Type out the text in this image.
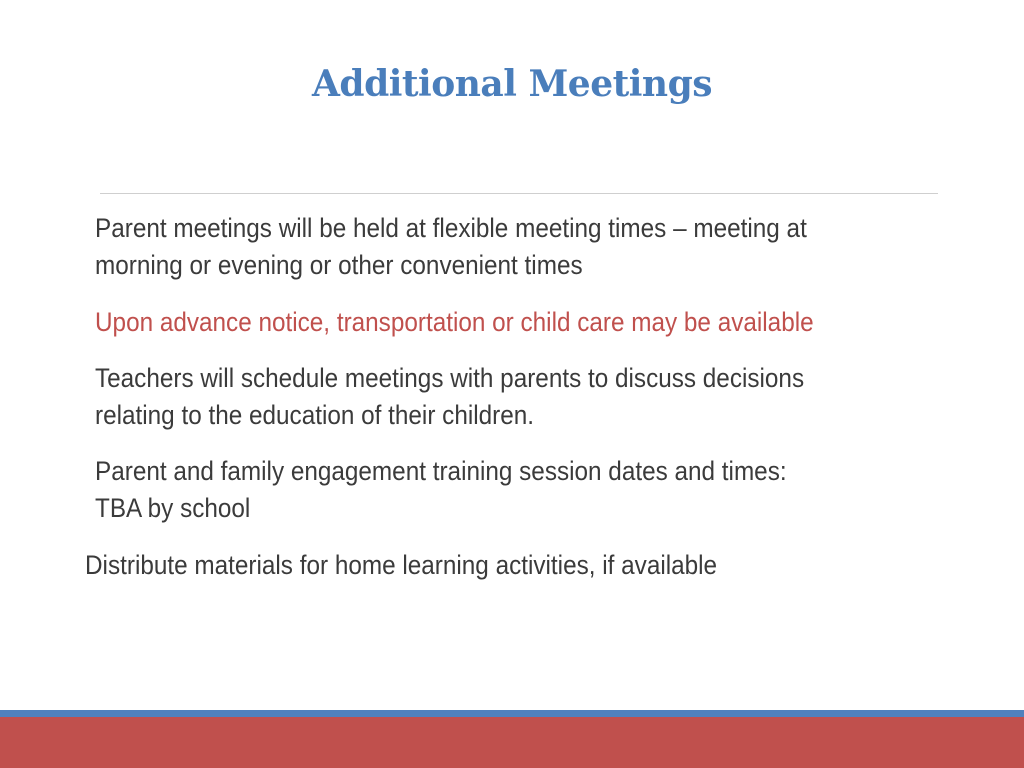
Additional Meetings
Parent meetings will be held at flexible meeting times – meeting at
morning or evening or other convenient times
Upon advance notice, transportation or child care may be available
Teachers will schedule meetings with parents to discuss decisions
relating to the education of their children.
Parent and family engagement training session dates and times:
TBA by school
Distribute materials for home learning activities, if available
